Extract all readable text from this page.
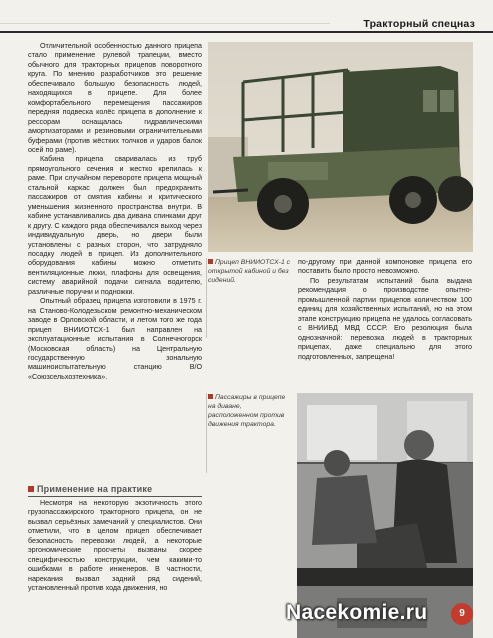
Тракторный спецназ

Отличительной особенностью данного прицепа стало применение рулевой трапеции, вместо обычного для тракторных прицепов поворотного круга. По мнению разработчиков это решение обеспечивало большую безопасность людей, находящихся в прицепе. Для более комфортабельного перемещения пассажиров передняя подвеска колёс прицепа в дополнение к рессорам оснащалась гидравлическими амортизаторами и резиновыми ограничительными буферами (против жёстких толчков и ударов балок осей по раме).

Кабина прицепа сваривалась из труб прямоугольного сечения и жестко крепилась к раме. При случайном перевороте прицепа мощный стальной каркас должен был предохранить пассажиров от смятия кабины и критического уменьшения жизненного пространства внутри. В кабине устанавливались два дивана спинками друг к другу. С каждого ряда обеспечивался выход через индивидуальную дверь, но двери были установлены с разных сторон, что затрудняло посадку людей в прицеп. Из дополнительного оборудования кабины можно отметить вентиляционные люки, плафоны для освещения, систему аварийной подачи сигнала водителю, различные поручни и подножки.

Опытный образец прицепа изготовили в 1975 г. на Станово-Колодезьском ремонтно-механическом заводе в Орловской области, и летом того же года прицеп ВНИИОТСХ-1 был направлен на эксплуатационные испытания в Солнечногорск (Московская область) на Центральную государственную зональную машиноиспытательную станцию В/О «Союзсельхозтехника».

Применение на практике

Несмотря на некоторую экзотичность этого грузопассажирского тракторного прицепа, он не вызвал серьёзных замечаний у специалистов. Они отметили, что в целом прицеп обеспечивает безопасность перевозки людей, а некоторые эргономические просчеты вызваны скорее специфичностью конструкции, чем какими-то ошибками в работе инженеров. В частности, нарекания вызвал задний ряд сидений, установленный против хода движения, но

Прицеп ВНИИОТСХ-1 с открытой кабиной и без сидений.

по-другому при данной компоновке прицепа его поставить было просто невозможно.

По результатам испытаний была выдана рекомендация о производстве опытно-промышленной партии прицепов количеством 100 единиц для хозяйственных испытаний, но на этом этапе конструкцию прицепа не удалось согласовать с ВНИИБД МВД СССР. Его резолюция была однозначной: перевозка людей в тракторных прицепах, даже специально для этого подготовленных, запрещена!

Пассажиры в прицепе на диване, расположенном против движения трактора.
Nacekomie.ru	9
